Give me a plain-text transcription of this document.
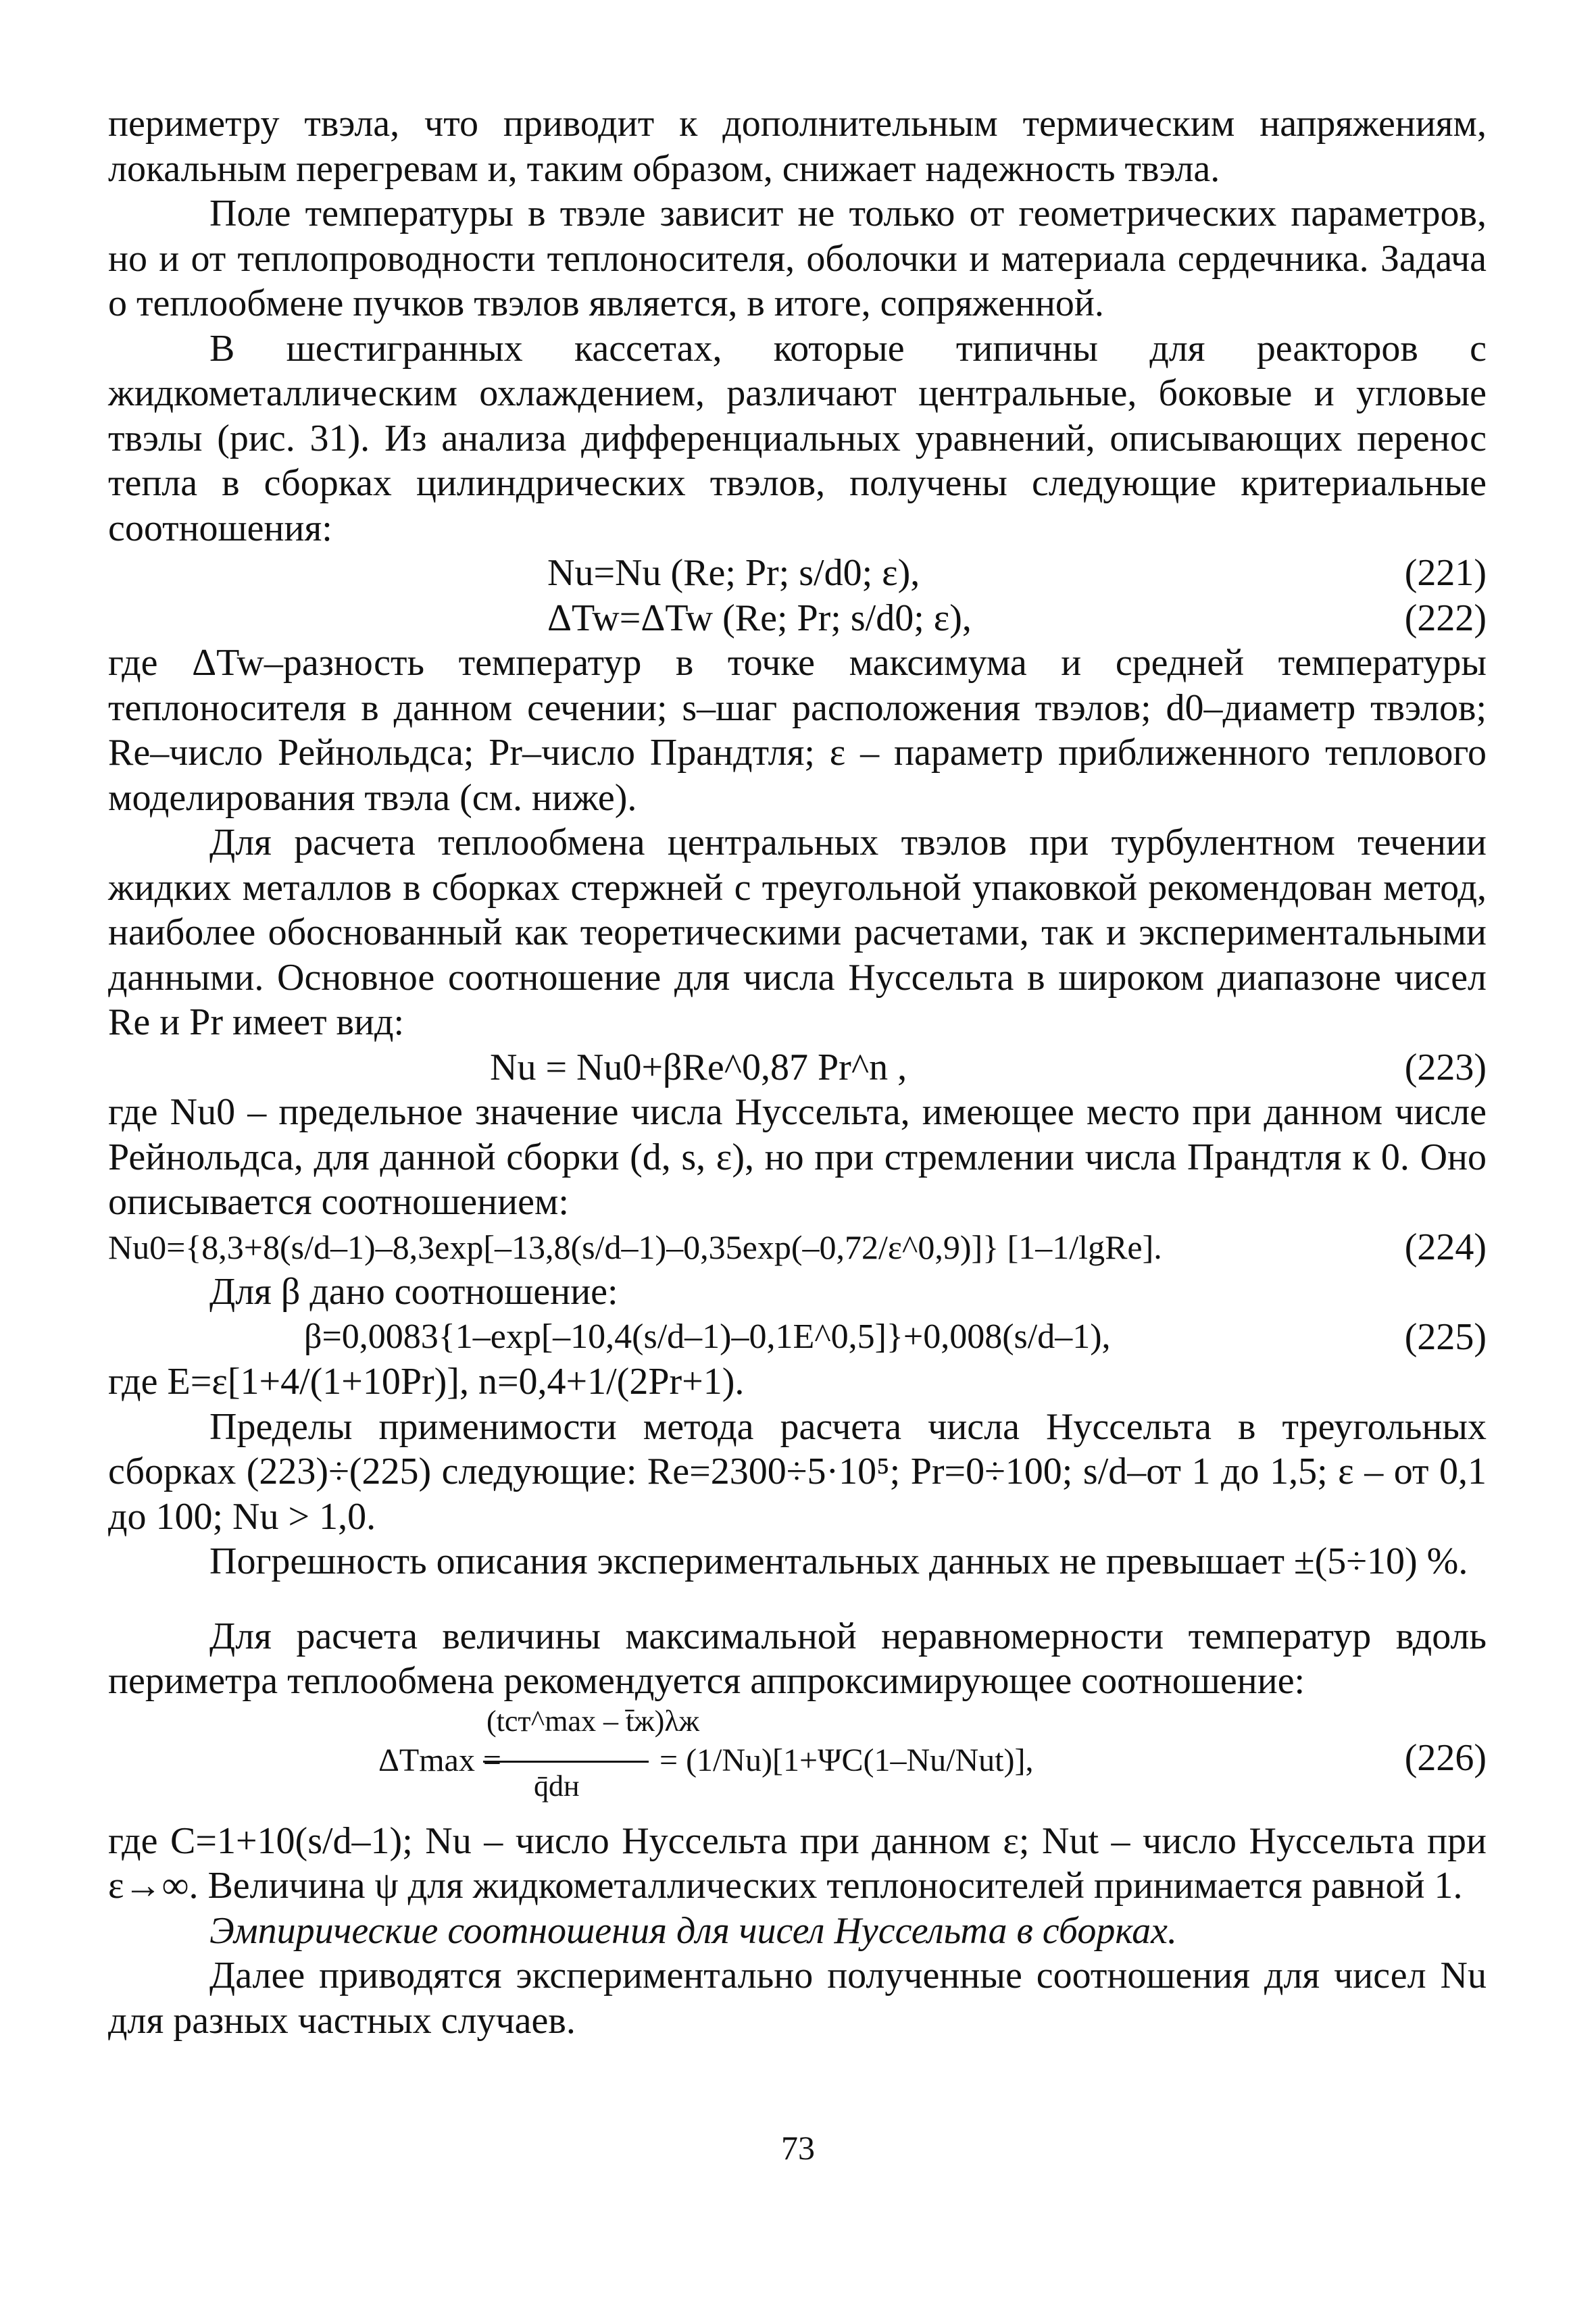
периметру твэла, что приводит к дополнительным термическим напряжениям, локальным перегревам и, таким образом, снижает надежность твэла.

Поле температуры в твэле зависит не только от геометрических параметров, но и от теплопроводности теплоносителя, оболочки и материала сердечника. Задача о теплообмене пучков твэлов является, в итоге, сопряженной.

В шестигранных кассетах, которые типичны для реакторов с жидкометаллическим охлаждением, различают центральные, боковые и угловые твэлы (рис. 31). Из анализа дифференциальных уравнений, описывающих перенос тепла в сборках цилиндрических твэлов, получены следующие критериальные соотношения:

Nu=Nu (Re; Pr; s/d0; ε),	(221)
ΔTw=ΔTw (Re; Pr; s/d0; ε),	(222)

где ΔTw–разность температур в точке максимума и средней температуры теплоносителя в данном сечении; s–шаг расположения твэлов; d0–диаметр твэлов; Re–число Рейнольдса; Pr–число Прандтля; ε – параметр приближенного теплового моделирования твэла (см. ниже).

Для расчета теплообмена центральных твэлов при турбулентном течении жидких металлов в сборках стержней с треугольной упаковкой рекомендован метод, наиболее обоснованный как теоретическими расчетами, так и экспериментальными данными. Основное соотношение для числа Нуссельта в широком диапазоне чисел Re и Pr имеет вид:

Nu = Nu0+βRe^0,87 Pr^n ,	(223)

где Nu0 – предельное значение числа Нуссельта, имеющее место при данном числе Рейнольдса, для данной сборки (d, s, ε), но при стремлении числа Прандтля к 0. Оно описывается соотношением:

Nu0={8,3+8(s/d–1)–8,3exp[–13,8(s/d–1)–0,35exp(–0,72/ε^0,9)]} [1–1/lgRe].	(224)

Для β дано соотношение:

β=0,0083{1–exp[–10,4(s/d–1)–0,1E^0,5]}+0,008(s/d–1),	(225)

где E=ε[1+4/(1+10Pr)], n=0,4+1/(2Pr+1).

Пределы применимости метода расчета числа Нуссельта в треугольных сборках (223)÷(225) следующие: Re=2300÷5·10⁵; Pr=0÷100; s/d–от 1 до 1,5; ε – от 0,1 до 100; Nu > 1,0.

Погрешность описания экспериментальных данных не превышает ±(5÷10) %.

Для расчета величины максимальной неравномерности температур вдоль периметра теплообмена рекомендуется аппроксимирующее соотношение:

ΔTmax =
(tст^max – t̄ж)λж
q̄dн
= (1/Nu)[1+ΨC(1–Nu/Nut)],	(226)

где C=1+10(s/d–1); Nu – число Нуссельта при данном ε; Nut – число Нуссельта при ε→∞. Величина ψ для жидкометаллических теплоносителей принимается равной 1.

Эмпирические соотношения для чисел Нуссельта в сборках.

Далее приводятся экспериментально полученные соотношения для чисел Nu для разных частных случаев.

73
